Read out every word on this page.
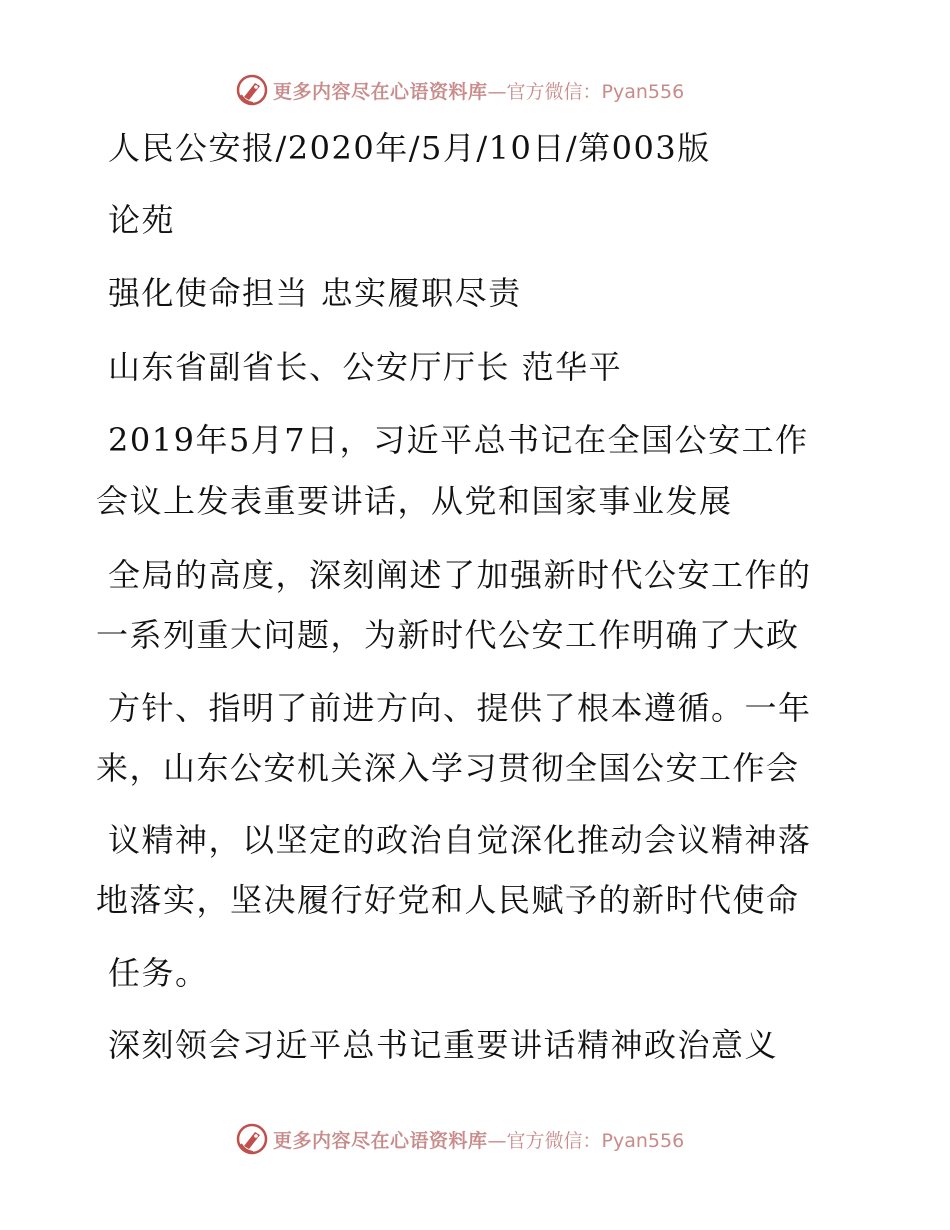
更多内容尽在心语资料库 —官方微信：Pyan556
人民公安报/2020年/5月/10日/第003版
论苑
强化使命担当 忠实履职尽责
山东省副省长、公安厅厅长 范华平
2019年5月7日，习近平总书记在全国公安工作
会议上发表重要讲话，从党和国家事业发展
全局的高度，深刻阐述了加强新时代公安工作的
一系列重大问题，为新时代公安工作明确了大政
方针、指明了前进方向、提供了根本遵循。一年
来，山东公安机关深入学习贯彻全国公安工作会
议精神，以坚定的政治自觉深化推动会议精神落
地落实，坚决履行好党和人民赋予的新时代使命
任务。
深刻领会习近平总书记重要讲话精神政治意义
更多内容尽在心语资料库 —官方微信：Pyan556
